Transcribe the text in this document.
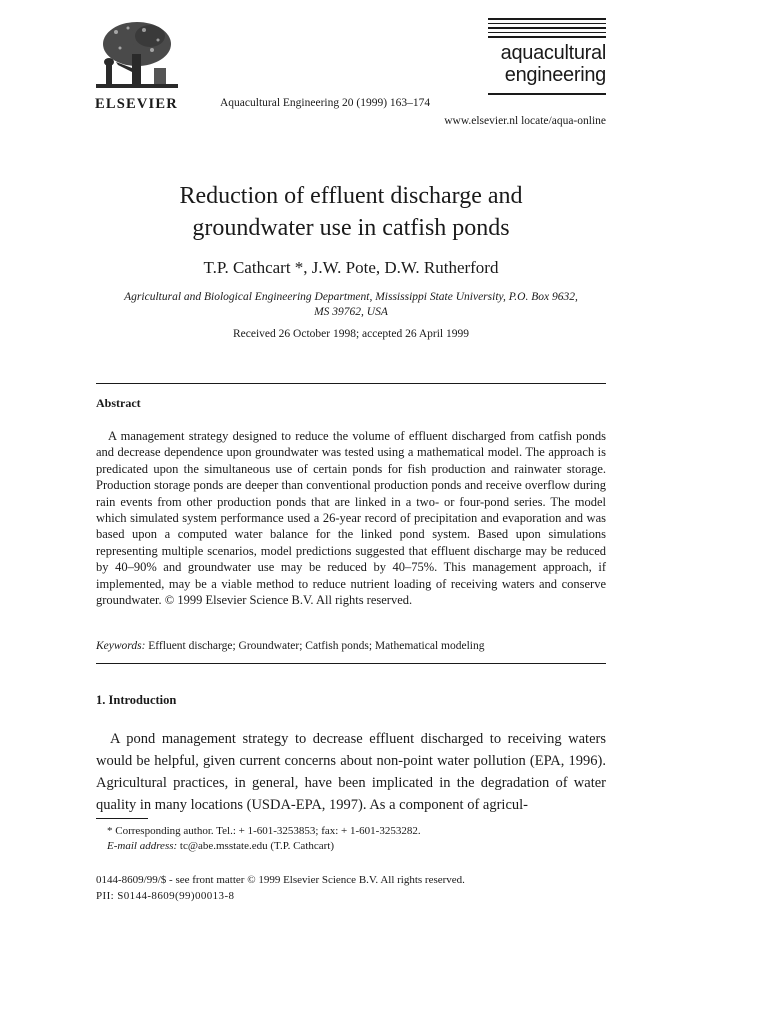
ELSEVIER	Aquacultural Engineering 20 (1999) 163–174
aquacultural
engineering
www.elsevier.nl locate/aqua-online
Reduction of effluent discharge and
groundwater use in catfish ponds
T.P. Cathcart *, J.W. Pote, D.W. Rutherford
Agricultural and Biological Engineering Department, Mississippi State University, P.O. Box 9632,
MS 39762, USA
Received 26 October 1998; accepted 26 April 1999
Abstract
A management strategy designed to reduce the volume of effluent discharged from catfish ponds and decrease dependence upon groundwater was tested using a mathematical model. The approach is predicated upon the simultaneous use of certain ponds for fish production and rainwater storage. Production storage ponds are deeper than conventional production ponds and receive overflow during rain events from other production ponds that are linked in a two- or four-pond series. The model which simulated system performance used a 26-year record of precipitation and evaporation and was based upon a computed water balance for the linked pond system. Based upon simulations representing multiple scenarios, model predictions suggested that effluent discharge may be reduced by 40–90% and groundwater use may be reduced by 40–75%. This management approach, if implemented, may be a viable method to reduce nutrient loading of receiving waters and conserve groundwater. © 1999 Elsevier Science B.V. All rights reserved.
Keywords: Effluent discharge; Groundwater; Catfish ponds; Mathematical modeling
1. Introduction
A pond management strategy to decrease effluent discharged to receiving waters would be helpful, given current concerns about non-point water pollution (EPA, 1996). Agricultural practices, in general, have been implicated in the degradation of water quality in many locations (USDA-EPA, 1997). As a component of agricul-
* Corresponding author. Tel.: + 1-601-3253853; fax: + 1-601-3253282.
E-mail address: tc@abe.msstate.edu (T.P. Cathcart)
0144-8609/99/$ - see front matter © 1999 Elsevier Science B.V. All rights reserved.
PII: S0144-8609(99)00013-8
